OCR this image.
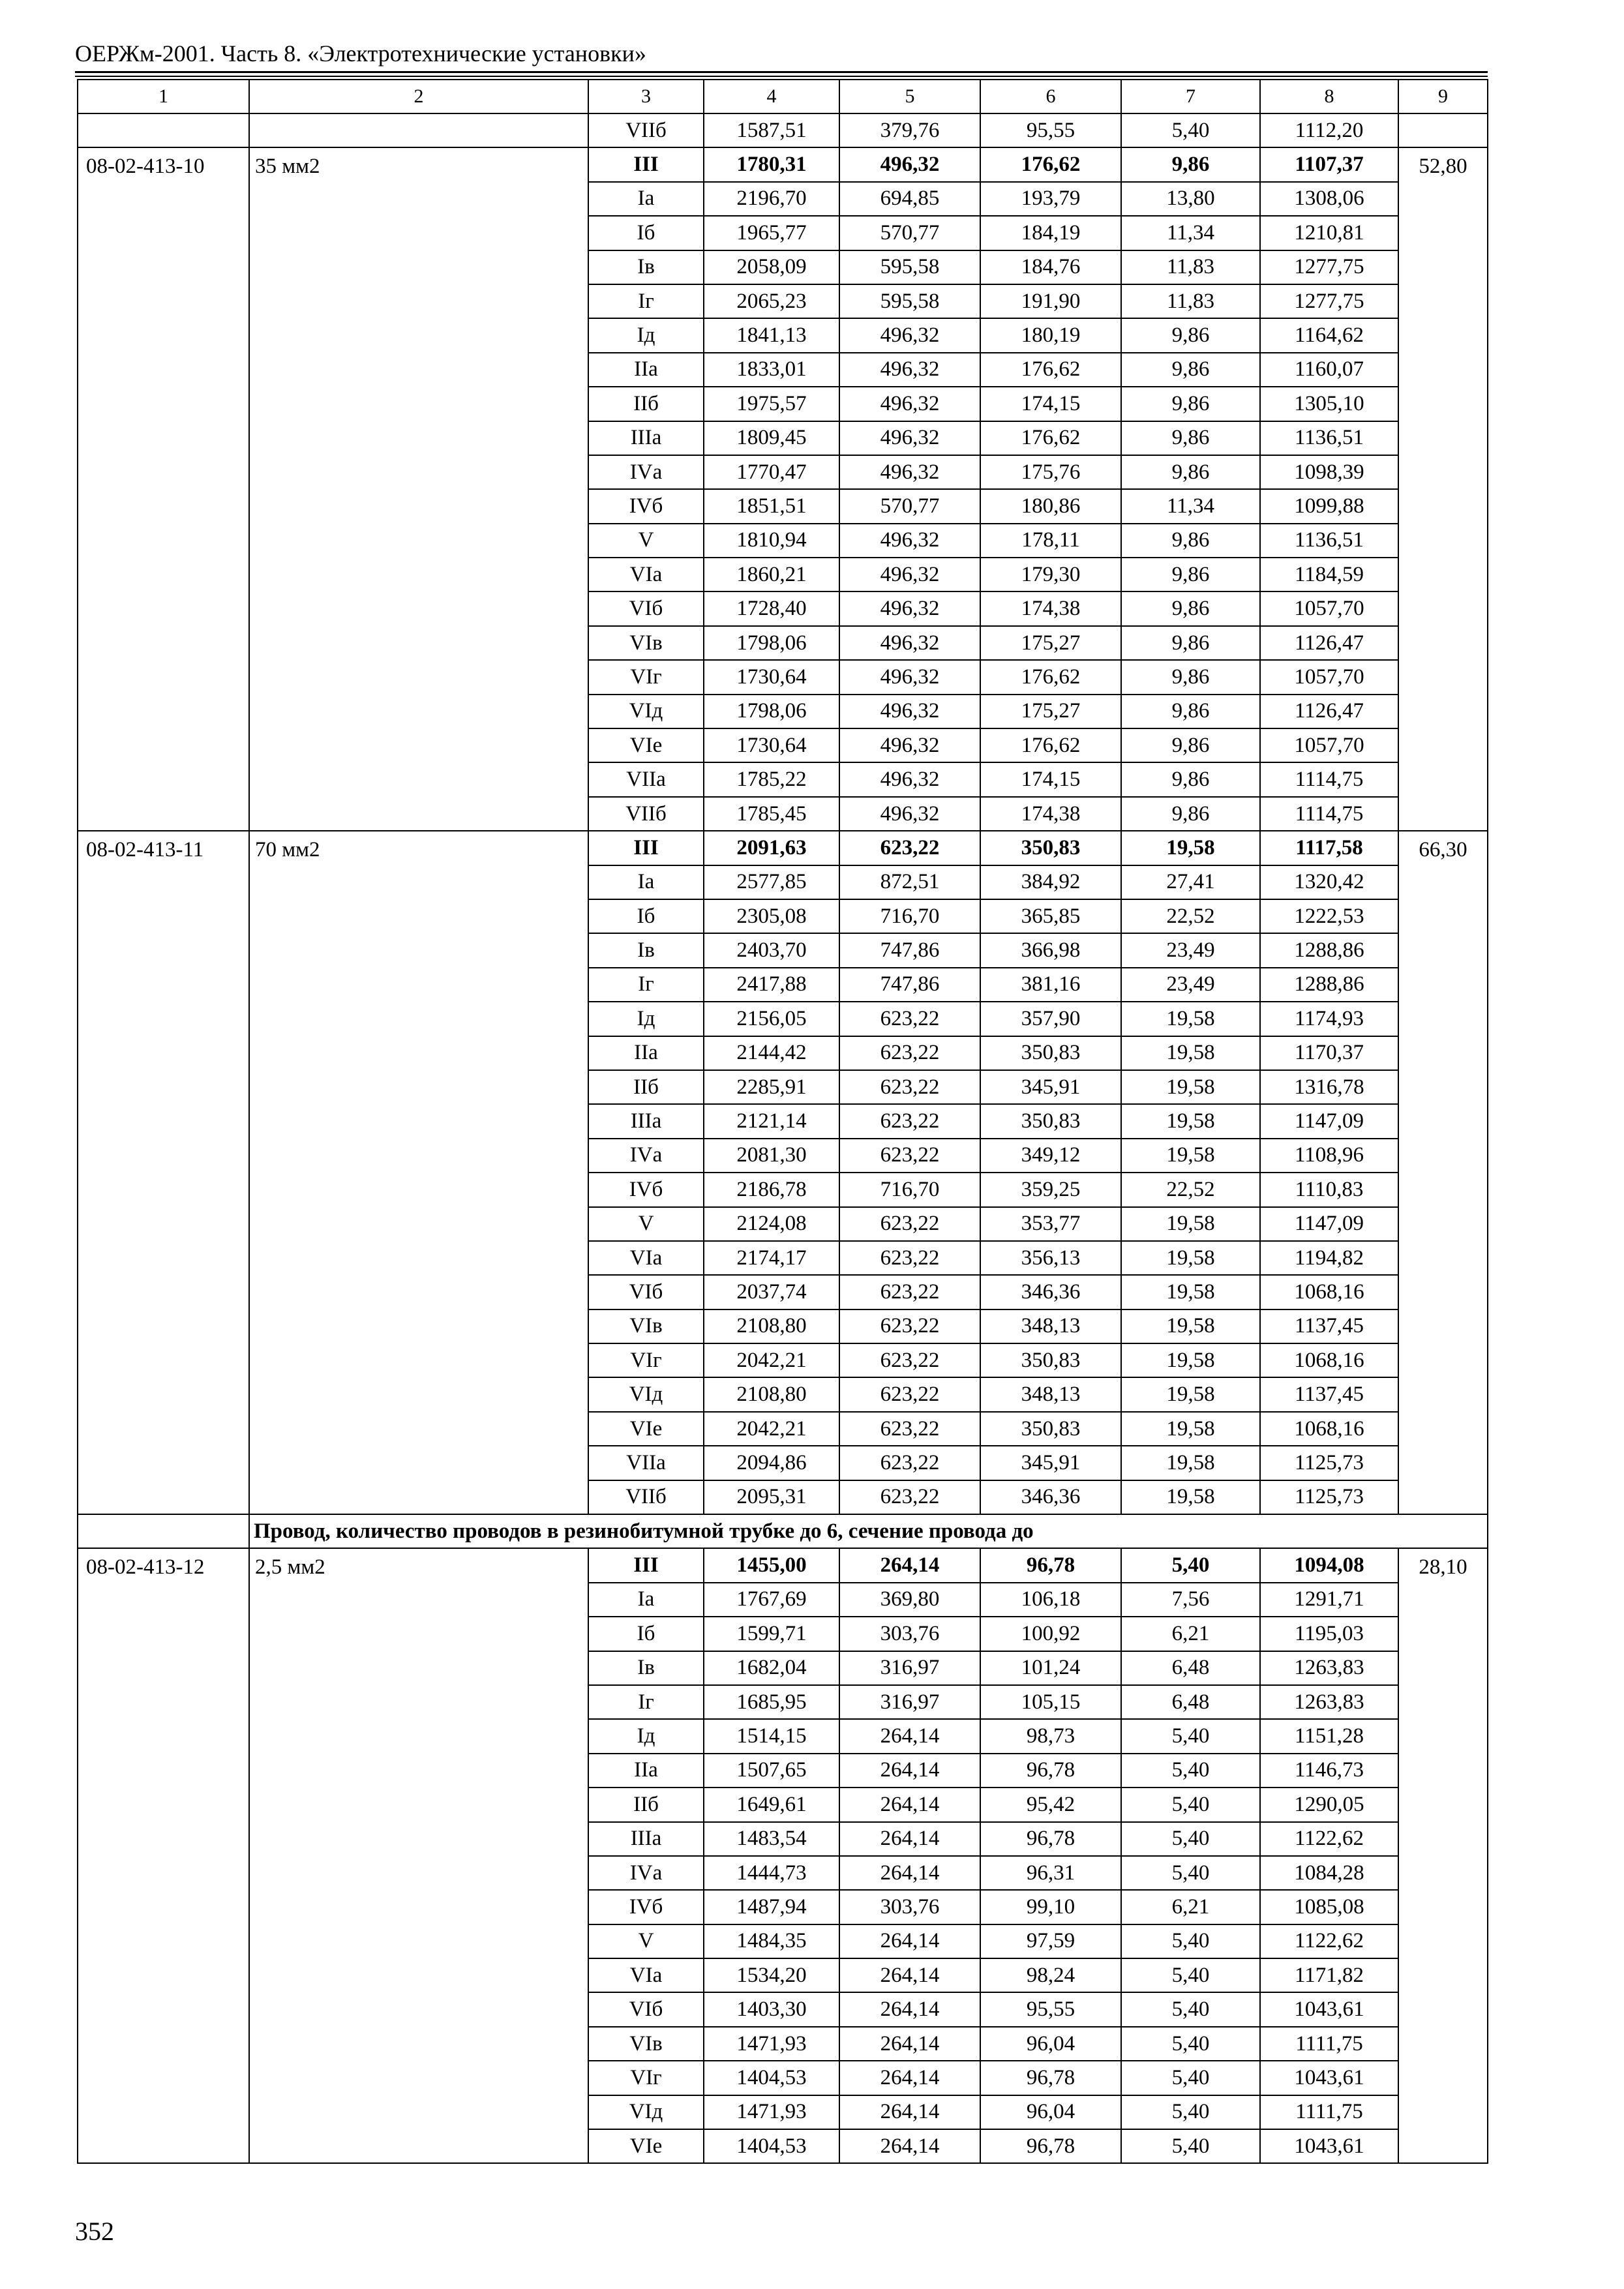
ОЕРЖм-2001. Часть 8. «Электротехнические установки»
1	2	3	4	5	6	7	8	9
		VIIб	1587,51	379,76	95,55	5,40	1112,20	
08-02-413-10	35 мм2	III	1780,31	496,32	176,62	9,86	1107,37	52,80
		Iа	2196,70	694,85	193,79	13,80	1308,06	
		Iб	1965,77	570,77	184,19	11,34	1210,81	
		Iв	2058,09	595,58	184,76	11,83	1277,75	
		Iг	2065,23	595,58	191,90	11,83	1277,75	
		Iд	1841,13	496,32	180,19	9,86	1164,62	
		IIа	1833,01	496,32	176,62	9,86	1160,07	
		IIб	1975,57	496,32	174,15	9,86	1305,10	
		IIIа	1809,45	496,32	176,62	9,86	1136,51	
		IVа	1770,47	496,32	175,76	9,86	1098,39	
		IVб	1851,51	570,77	180,86	11,34	1099,88	
		V	1810,94	496,32	178,11	9,86	1136,51	
		VIа	1860,21	496,32	179,30	9,86	1184,59	
		VIб	1728,40	496,32	174,38	9,86	1057,70	
		VIв	1798,06	496,32	175,27	9,86	1126,47	
		VIг	1730,64	496,32	176,62	9,86	1057,70	
		VIд	1798,06	496,32	175,27	9,86	1126,47	
		VIе	1730,64	496,32	176,62	9,86	1057,70	
		VIIа	1785,22	496,32	174,15	9,86	1114,75	
		VIIб	1785,45	496,32	174,38	9,86	1114,75	
08-02-413-11	70 мм2	III	2091,63	623,22	350,83	19,58	1117,58	66,30
		Iа	2577,85	872,51	384,92	27,41	1320,42	
		Iб	2305,08	716,70	365,85	22,52	1222,53	
		Iв	2403,70	747,86	366,98	23,49	1288,86	
		Iг	2417,88	747,86	381,16	23,49	1288,86	
		Iд	2156,05	623,22	357,90	19,58	1174,93	
		IIа	2144,42	623,22	350,83	19,58	1170,37	
		IIб	2285,91	623,22	345,91	19,58	1316,78	
		IIIа	2121,14	623,22	350,83	19,58	1147,09	
		IVа	2081,30	623,22	349,12	19,58	1108,96	
		IVб	2186,78	716,70	359,25	22,52	1110,83	
		V	2124,08	623,22	353,77	19,58	1147,09	
		VIа	2174,17	623,22	356,13	19,58	1194,82	
		VIб	2037,74	623,22	346,36	19,58	1068,16	
		VIв	2108,80	623,22	348,13	19,58	1137,45	
		VIг	2042,21	623,22	350,83	19,58	1068,16	
		VIд	2108,80	623,22	348,13	19,58	1137,45	
		VIе	2042,21	623,22	350,83	19,58	1068,16	
		VIIа	2094,86	623,22	345,91	19,58	1125,73	
		VIIб	2095,31	623,22	346,36	19,58	1125,73	
	Провод, количество проводов в резинобитумной трубке до 6, сечение провода до							
08-02-413-12	2,5 мм2	III	1455,00	264,14	96,78	5,40	1094,08	28,10
		Iа	1767,69	369,80	106,18	7,56	1291,71	
		Iб	1599,71	303,76	100,92	6,21	1195,03	
		Iв	1682,04	316,97	101,24	6,48	1263,83	
		Iг	1685,95	316,97	105,15	6,48	1263,83	
		Iд	1514,15	264,14	98,73	5,40	1151,28	
		IIа	1507,65	264,14	96,78	5,40	1146,73	
		IIб	1649,61	264,14	95,42	5,40	1290,05	
		IIIа	1483,54	264,14	96,78	5,40	1122,62	
		IVа	1444,73	264,14	96,31	5,40	1084,28	
		IVб	1487,94	303,76	99,10	6,21	1085,08	
		V	1484,35	264,14	97,59	5,40	1122,62	
		VIа	1534,20	264,14	98,24	5,40	1171,82	
		VIб	1403,30	264,14	95,55	5,40	1043,61	
		VIв	1471,93	264,14	96,04	5,40	1111,75	
		VIг	1404,53	264,14	96,78	5,40	1043,61	
		VIд	1471,93	264,14	96,04	5,40	1111,75	
		VIе	1404,53	264,14	96,78	5,40	1043,61	
352
